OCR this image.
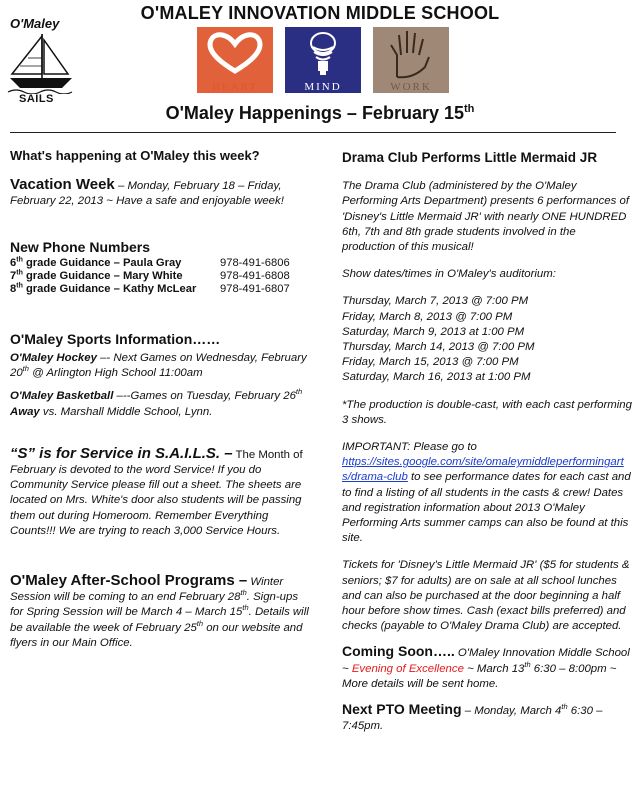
O'MALEY INNOVATION MIDDLE SCHOOL
O'Maley
SAILS
HEART	MIND	WORK
O'Maley Happenings – February 15th
What's happening at O'Maley this week?

Vacation Week – Monday, February 18 – Friday, February 22, 2013 ~ Have a safe and enjoyable week!

New Phone Numbers
6th grade Guidance – Paula Gray	978-491-6806
7th grade Guidance – Mary White	978-491-6808
8th grade Guidance – Kathy McLear	978-491-6807
O'Maley Sports Information……

O'Maley Hockey –- Next Games on Wednesday, February 20th @ Arlington High School 11:00am

O'Maley Basketball –--Games on Tuesday, February 26th Away vs. Marshall Middle School, Lynn.

“S” is for Service in S.A.I.L.S. – The Month of

February is devoted to the word Service! If you do Community Service please fill out a sheet. The sheets are located on Mrs. White's door also students will be passing them out during Homeroom. Remember Everything Counts!!! We are trying to reach 3,000 Service Hours.

O'Maley After-School Programs – Winter

Session will be coming to an end February 28th. Sign-ups for Spring Session will be March 4 – March 15th. Details will be available the week of February 25th on our website and flyers in our Main Office.

Drama Club Performs Little Mermaid JR

The Drama Club (administered by the O'Maley Performing Arts Department) presents 6 performances of 'Disney's Little Mermaid JR' with nearly ONE HUNDRED 6th, 7th and 8th grade students involved in the production of this musical!

Show dates/times in O'Maley's auditorium:

Thursday, March 7, 2013 @ 7:00 PM

Friday, March 8, 2013 @ 7:00 PM

Saturday, March 9, 2013 at 1:00 PM

Thursday, March 14, 2013 @ 7:00 PM

Friday, March 15, 2013 @ 7:00 PM

Saturday, March 16, 2013 at 1:00 PM

*The production is double-cast, with each cast performing 3 shows.

IMPORTANT: Please go to
https://sites.google.com/site/omaleymiddleperformingarts/drama-club to see performance dates for each cast and to find a listing of all students in the casts & crew! Dates and registration information about 2013 O'Maley Performing Arts summer camps can also be found at this site.

Tickets for 'Disney's Little Mermaid JR' ($5 for students & seniors; $7 for adults) are on sale at all school lunches and can also be purchased at the door beginning a half hour before show times. Cash (exact bills preferred) and checks (payable to O'Maley Drama Club) are accepted.

Coming Soon….. O'Maley Innovation Middle School ~ Evening of Excellence ~ March 13th 6:30 – 8:00pm ~ More details will be sent home.

Next PTO Meeting – Monday, March 4th 6:30 – 7:45pm.
